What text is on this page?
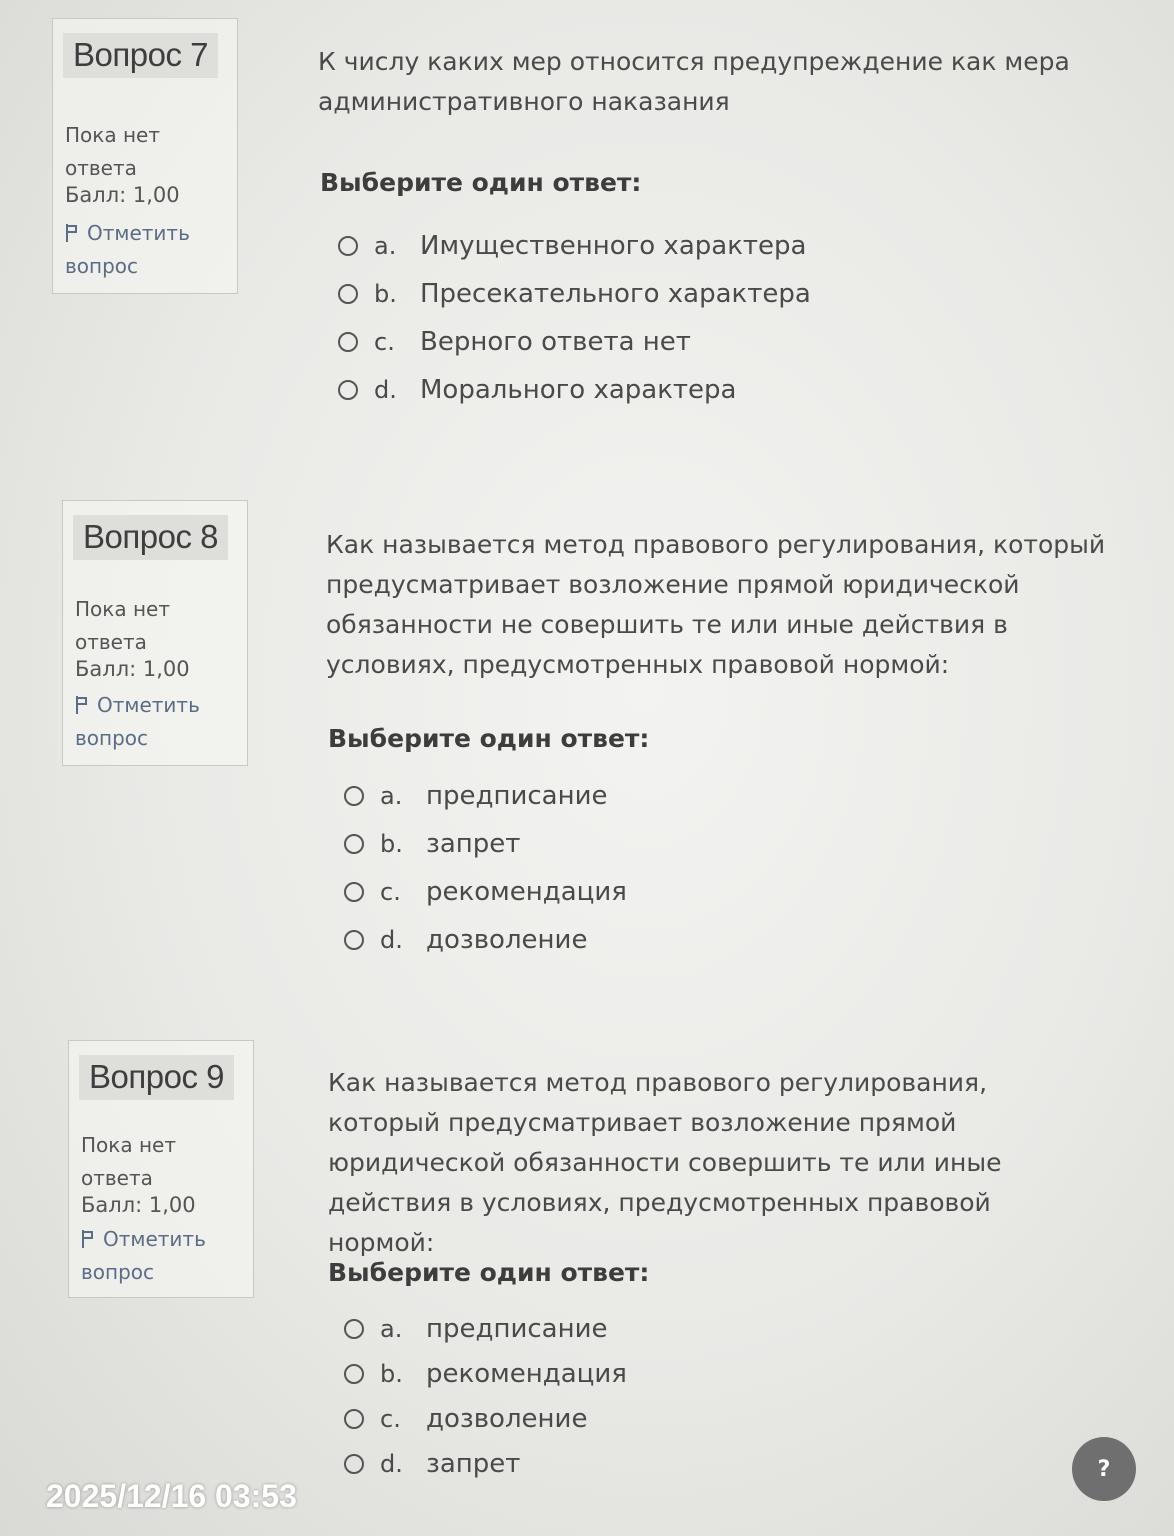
Вопрос 7
Пока нет ответа
Балл: 1,00
Отметить вопрос
К числу каких мер относится предупреждение как мера административного наказания
Выберите один ответ:
a. Имущественного характера
b. Пресекательного характера
c. Верного ответа нет
d. Морального характера
Вопрос 8
Пока нет ответа
Балл: 1,00
Отметить вопрос
Как называется метод правового регулирования, который предусматривает возложение прямой юридической обязанности не совершить те или иные действия в условиях, предусмотренных правовой нормой:
Выберите один ответ:
a. предписание
b. запрет
c. рекомендация
d. дозволение
Вопрос 9
Пока нет ответа
Балл: 1,00
Отметить вопрос
Как называется метод правового регулирования, который предусматривает возложение прямой юридической обязанности совершить те или иные действия в условиях, предусмотренных правовой нормой:
Выберите один ответ:
a. предписание
b. рекомендация
c. дозволение
d. запрет
2025/12/16 03:53
?
